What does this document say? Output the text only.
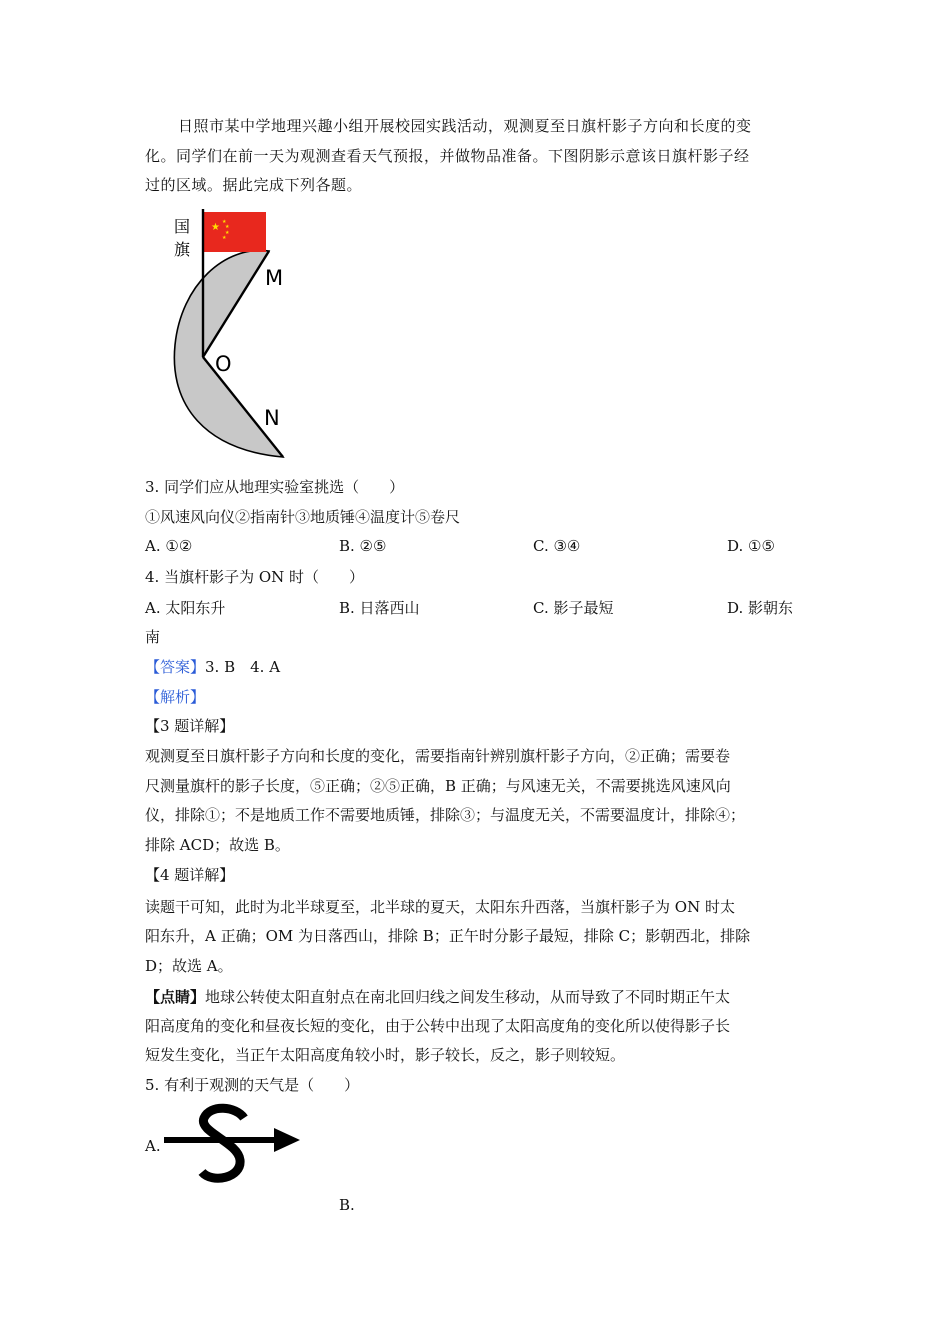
日照市某中学地理兴趣小组开展校园实践活动，观测夏至日旗杆影子方向和长度的变
化。同学们在前一天为观测查看天气预报，并做物品准备。下图阴影示意该日旗杆影子经
过的区域。据此完成下列各题。
★ ★
★
★
★
国
旗
M
O
N
3. 同学们应从地理实验室挑选（　　）
①风速风向仪②指南针③地质锤④温度计⑤卷尺
A. ①②	B. ②⑤	C. ③④	D. ①⑤
4. 当旗杆影子为 ON 时（　　）
A. 太阳东升	B. 日落西山	C. 影子最短	D. 影朝东
南
【答案】3. B　4. A
【解析】
【3 题详解】
观测夏至日旗杆影子方向和长度的变化，需要指南针辨别旗杆影子方向，②正确；需要卷
尺测量旗杆的影子长度，⑤正确；②⑤正确，B 正确；与风速无关，不需要挑选风速风向
仪，排除①；不是地质工作不需要地质锤，排除③；与温度无关，不需要温度计，排除④；
排除 ACD；故选 B。
【4 题详解】
读题干可知，此时为北半球夏至，北半球的夏天，太阳东升西落，当旗杆影子为 ON 时太
阳东升，A 正确；OM 为日落西山，排除 B；正午时分影子最短，排除 C；影朝西北，排除
D；故选 A。
【点睛】地球公转使太阳直射点在南北回归线之间发生移动，从而导致了不同时期正午太
阳高度角的变化和昼夜长短的变化，由于公转中出现了太阳高度角的变化所以使得影子长
短发生变化，当正午太阳高度角较小时，影子较长，反之，影子则较短。
5. 有利于观测的天气是（　　）
A.
B.
